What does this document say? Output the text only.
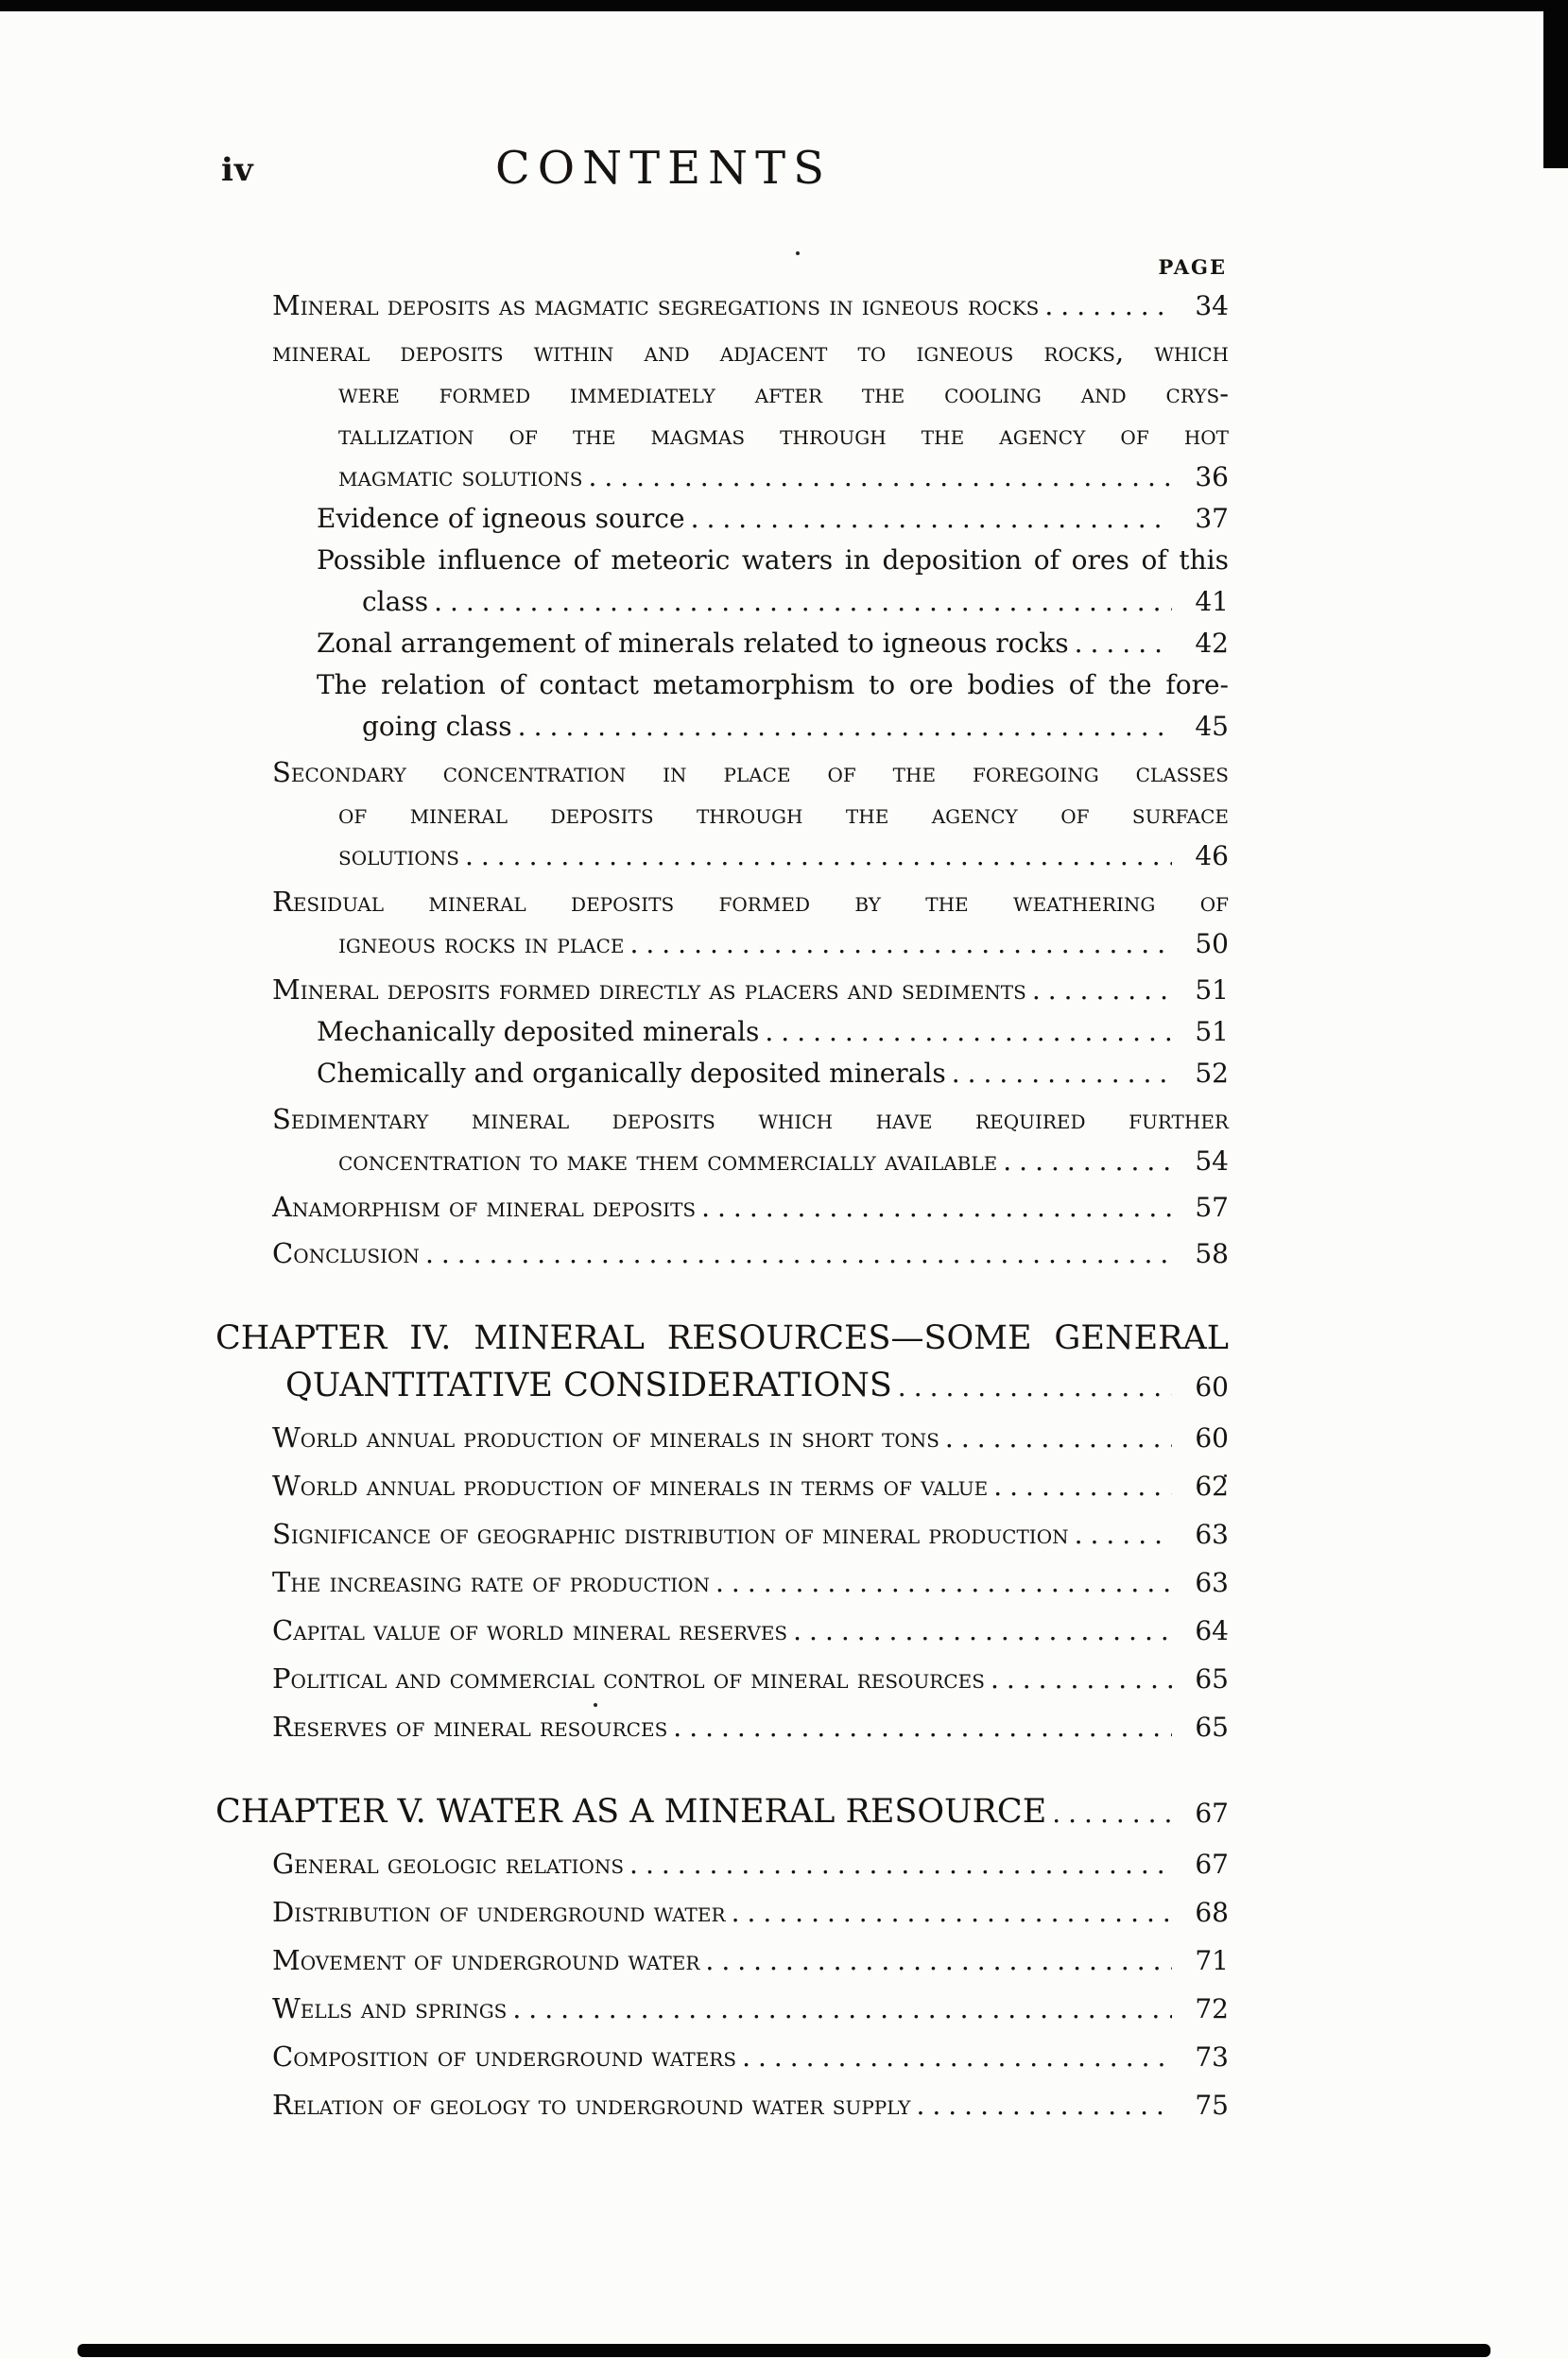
iv	CONTENTS
PAGE
Mineral deposits as magmatic segregations in igneous rocks .....	34
mineral deposits within and adjacent to igneous rocks, which
were formed immediately after the cooling and crys-
tallization of the magmas through the agency of hot
magmatic solutions .....	36
Evidence of igneous source .....	37
Possible influence of meteoric waters in deposition of ores of this
class .....	41
Zonal arrangement of minerals related to igneous rocks .....	42
The relation of contact metamorphism to ore bodies of the fore-
going class .....	45
Secondary concentration in place of the foregoing classes
of mineral deposits through the agency of surface
solutions .....	46
Residual mineral deposits formed by the weathering of
igneous rocks in place .....	50
Mineral deposits formed directly as placers and sediments .....	51
Mechanically deposited minerals .....	51
Chemically and organically deposited minerals .....	52
Sedimentary mineral deposits which have required further
concentration to make them commercially available .....	54
Anamorphism of mineral deposits .....	57
Conclusion .....	58
CHAPTER IV. MINERAL RESOURCES—SOME GENERAL
QUANTITATIVE CONSIDERATIONS .....	60
World annual production of minerals in short tons .....	60
World annual production of minerals in terms of value .....	62
Significance of geographic distribution of mineral production .....	63
The increasing rate of production .....	63
Capital value of world mineral reserves .....	64
Political and commercial control of mineral resources .....	65
Reserves of mineral resources .....	65
CHAPTER V. WATER AS A MINERAL RESOURCE .....	67
General geologic relations .....	67
Distribution of underground water .....	68
Movement of underground water .....	71
Wells and springs .....	72
Composition of underground waters .....	73
Relation of geology to underground water supply .....	75
